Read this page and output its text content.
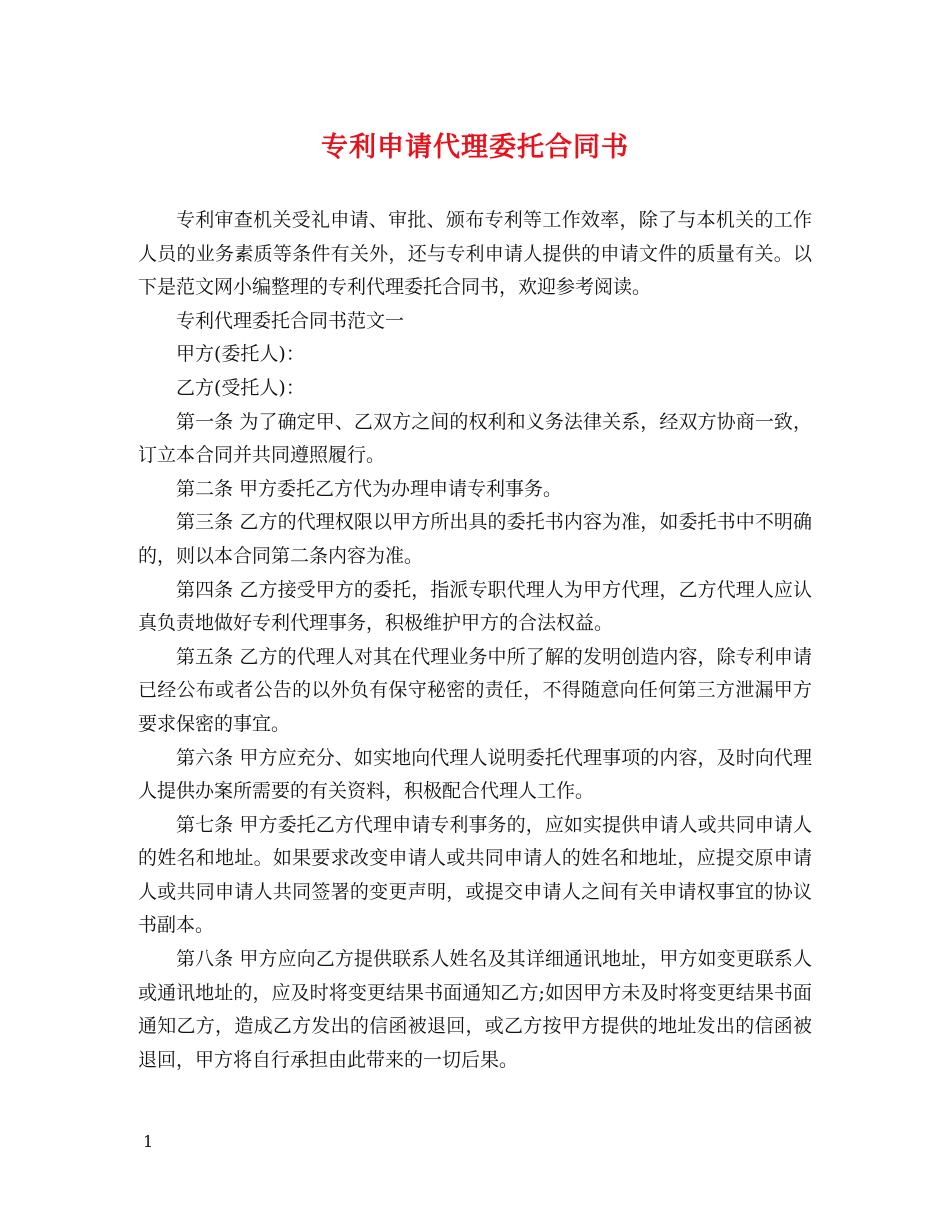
专利申请代理委托合同书

专利审查机关受礼申请、审批、颁布专利等工作效率，除了与本机关的工作人员的业务素质等条件有关外，还与专利申请人提供的申请文件的质量有关。以下是范文网小编整理的专利代理委托合同书，欢迎参考阅读。

专利代理委托合同书范文一

甲方(委托人)：

乙方(受托人)：

第一条 为了确定甲、乙双方之间的权利和义务法律关系，经双方协商一致，订立本合同并共同遵照履行。

第二条 甲方委托乙方代为办理申请专利事务。

第三条 乙方的代理权限以甲方所出具的委托书内容为准，如委托书中不明确的，则以本合同第二条内容为准。

第四条 乙方接受甲方的委托，指派专职代理人为甲方代理，乙方代理人应认真负责地做好专利代理事务，积极维护甲方的合法权益。

第五条 乙方的代理人对其在代理业务中所了解的发明创造内容，除专利申请已经公布或者公告的以外负有保守秘密的责任，不得随意向任何第三方泄漏甲方要求保密的事宜。

第六条 甲方应充分、如实地向代理人说明委托代理事项的内容，及时向代理人提供办案所需要的有关资料，积极配合代理人工作。

第七条 甲方委托乙方代理申请专利事务的，应如实提供申请人或共同申请人的姓名和地址。如果要求改变申请人或共同申请人的姓名和地址，应提交原申请人或共同申请人共同签署的变更声明，或提交申请人之间有关申请权事宜的协议书副本。

第八条 甲方应向乙方提供联系人姓名及其详细通讯地址，甲方如变更联系人或通讯地址的，应及时将变更结果书面通知乙方;如因甲方未及时将变更结果书面通知乙方，造成乙方发出的信函被退回，或乙方按甲方提供的地址发出的信函被退回，甲方将自行承担由此带来的一切后果。

1
